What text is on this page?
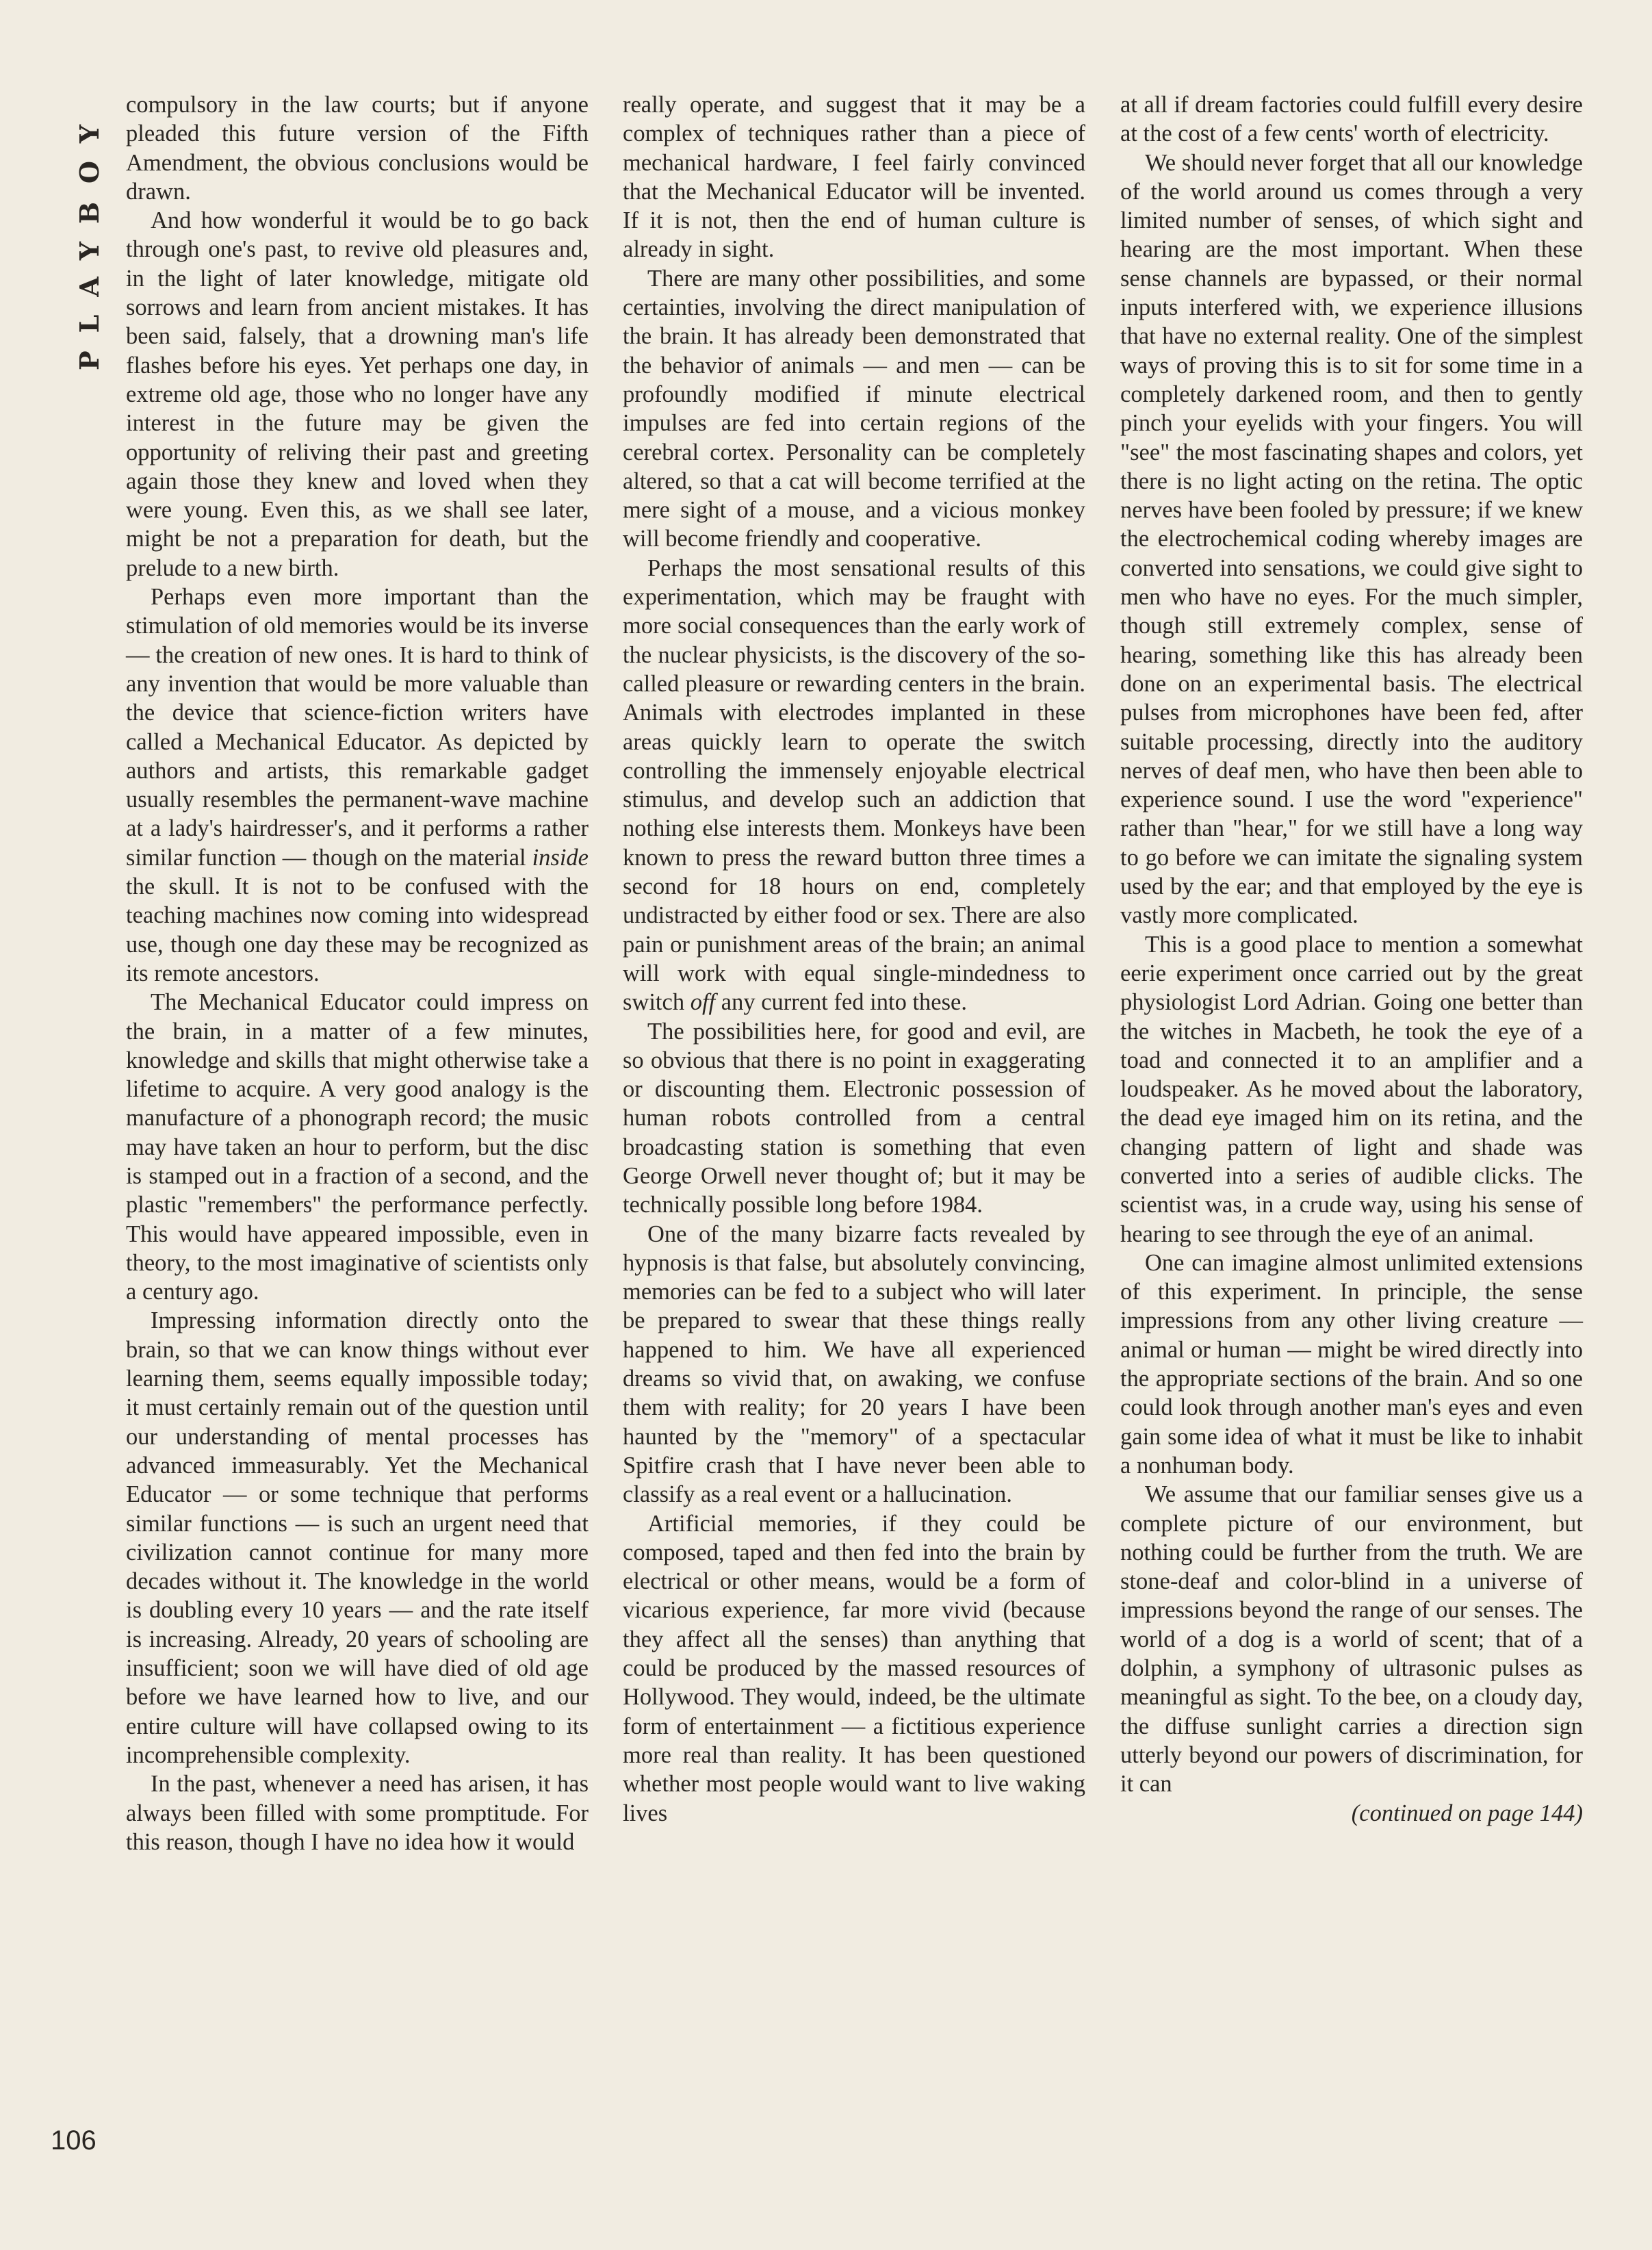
PLAYBOY
106

compulsory in the law courts; but if anyone pleaded this future version of the Fifth Amendment, the obvious conclusions would be drawn.

And how wonderful it would be to go back through one's past, to revive old pleasures and, in the light of later knowledge, mitigate old sorrows and learn from ancient mistakes. It has been said, falsely, that a drowning man's life flashes before his eyes. Yet perhaps one day, in extreme old age, those who no longer have any interest in the future may be given the opportunity of reliving their past and greeting again those they knew and loved when they were young. Even this, as we shall see later, might be not a preparation for death, but the prelude to a new birth.

Perhaps even more important than the stimulation of old memories would be its inverse — the creation of new ones. It is hard to think of any invention that would be more valuable than the device that science-fiction writers have called a Mechanical Educator. As depicted by authors and artists, this remarkable gadget usually resembles the permanent-wave machine at a lady's hairdresser's, and it performs a rather similar function — though on the material inside the skull. It is not to be confused with the teaching machines now coming into widespread use, though one day these may be recognized as its remote ancestors.

The Mechanical Educator could impress on the brain, in a matter of a few minutes, knowledge and skills that might otherwise take a lifetime to acquire. A very good analogy is the manufacture of a phonograph record; the music may have taken an hour to perform, but the disc is stamped out in a fraction of a second, and the plastic "remembers" the performance perfectly. This would have appeared impossible, even in theory, to the most imaginative of scientists only a century ago.

Impressing information directly onto the brain, so that we can know things without ever learning them, seems equally impossible today; it must certainly remain out of the question until our understanding of mental processes has advanced immeasurably. Yet the Mechanical Educator — or some technique that performs similar functions — is such an urgent need that civilization cannot continue for many more decades without it. The knowledge in the world is doubling every 10 years — and the rate itself is increasing. Already, 20 years of schooling are insufficient; soon we will have died of old age before we have learned how to live, and our entire culture will have collapsed owing to its incomprehensible complexity.

In the past, whenever a need has arisen, it has always been filled with some promptitude. For this reason, though I have no idea how it would

really operate, and suggest that it may be a complex of techniques rather than a piece of mechanical hardware, I feel fairly convinced that the Mechanical Educator will be invented. If it is not, then the end of human culture is already in sight.

There are many other possibilities, and some certainties, involving the direct manipulation of the brain. It has already been demonstrated that the behavior of animals — and men — can be profoundly modified if minute electrical impulses are fed into certain regions of the cerebral cortex. Personality can be completely altered, so that a cat will become terrified at the mere sight of a mouse, and a vicious monkey will become friendly and cooperative.

Perhaps the most sensational results of this experimentation, which may be fraught with more social consequences than the early work of the nuclear physicists, is the discovery of the so-called pleasure or rewarding centers in the brain. Animals with electrodes implanted in these areas quickly learn to operate the switch controlling the immensely enjoyable electrical stimulus, and develop such an addiction that nothing else interests them. Monkeys have been known to press the reward button three times a second for 18 hours on end, completely undistracted by either food or sex. There are also pain or punishment areas of the brain; an animal will work with equal single-mindedness to switch off any current fed into these.

The possibilities here, for good and evil, are so obvious that there is no point in exaggerating or discounting them. Electronic possession of human robots controlled from a central broadcasting station is something that even George Orwell never thought of; but it may be technically possible long before 1984.

One of the many bizarre facts revealed by hypnosis is that false, but absolutely convincing, memories can be fed to a subject who will later be prepared to swear that these things really happened to him. We have all experienced dreams so vivid that, on awaking, we confuse them with reality; for 20 years I have been haunted by the "memory" of a spectacular Spitfire crash that I have never been able to classify as a real event or a hallucination.

Artificial memories, if they could be composed, taped and then fed into the brain by electrical or other means, would be a form of vicarious experience, far more vivid (because they affect all the senses) than anything that could be produced by the massed resources of Hollywood. They would, indeed, be the ultimate form of entertainment — a fictitious experience more real than reality. It has been questioned whether most people would want to live waking lives

at all if dream factories could fulfill every desire at the cost of a few cents' worth of electricity.

We should never forget that all our knowledge of the world around us comes through a very limited number of senses, of which sight and hearing are the most important. When these sense channels are bypassed, or their normal inputs interfered with, we experience illusions that have no external reality. One of the simplest ways of proving this is to sit for some time in a completely darkened room, and then to gently pinch your eyelids with your fingers. You will "see" the most fascinating shapes and colors, yet there is no light acting on the retina. The optic nerves have been fooled by pressure; if we knew the electrochemical coding whereby images are converted into sensations, we could give sight to men who have no eyes. For the much simpler, though still extremely complex, sense of hearing, something like this has already been done on an experimental basis. The electrical pulses from microphones have been fed, after suitable processing, directly into the auditory nerves of deaf men, who have then been able to experience sound. I use the word "experience" rather than "hear," for we still have a long way to go before we can imitate the signaling system used by the ear; and that employed by the eye is vastly more complicated.

This is a good place to mention a somewhat eerie experiment once carried out by the great physiologist Lord Adrian. Going one better than the witches in Macbeth, he took the eye of a toad and connected it to an amplifier and a loudspeaker. As he moved about the laboratory, the dead eye imaged him on its retina, and the changing pattern of light and shade was converted into a series of audible clicks. The scientist was, in a crude way, using his sense of hearing to see through the eye of an animal.

One can imagine almost unlimited extensions of this experiment. In principle, the sense impressions from any other living creature — animal or human — might be wired directly into the appropriate sections of the brain. And so one could look through another man's eyes and even gain some idea of what it must be like to inhabit a nonhuman body.

We assume that our familiar senses give us a complete picture of our environment, but nothing could be further from the truth. We are stone-deaf and color-blind in a universe of impressions beyond the range of our senses. The world of a dog is a world of scent; that of a dolphin, a symphony of ultrasonic pulses as meaningful as sight. To the bee, on a cloudy day, the diffuse sunlight carries a direction sign utterly beyond our powers of discrimination, for it can

(continued on page 144)
